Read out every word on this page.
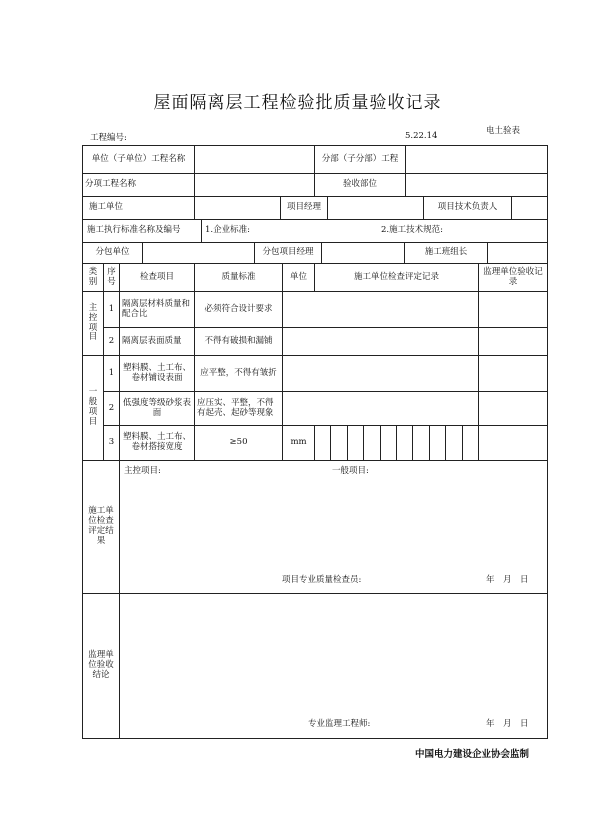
屋面隔离层工程检验批质量验收记录
电土验表
工程编号:	5.22.14
单位（子单位）工程名称					分部（子分部）工程	

分项工程名称					验收部位	

施工单位			项目经理 项目技术负责人			

施工执行标准名称及编号 1.企业标准: 2.施工技术规范:						

分包单位 分包项目经理 施工班组长						

类别	序号	检查项目	质量标准	单位	施工单位检查评定记录	监理单位验收记录
主控项目	1	隔离层材料质量和配合比	必须符合设计要求			
	2	隔离层表面质量	不得有破损和漏铺			
一般项目	1	塑料膜、土工布、卷材铺设表面	应平整，不得有皱折			
	2	低强度等级砂浆表面	应压实、平整，不得有起壳、起砂等现象			
	3	塑料膜、土工布、卷材搭接宽度	≥50	mm	

施工单位检查评定结果		主控项目: 一般项目:
项目专业质量检查员: 年　月　日				

监理单位验收结论		专业监理工程师: 年　月　日				
中国电力建设企业协会监制
